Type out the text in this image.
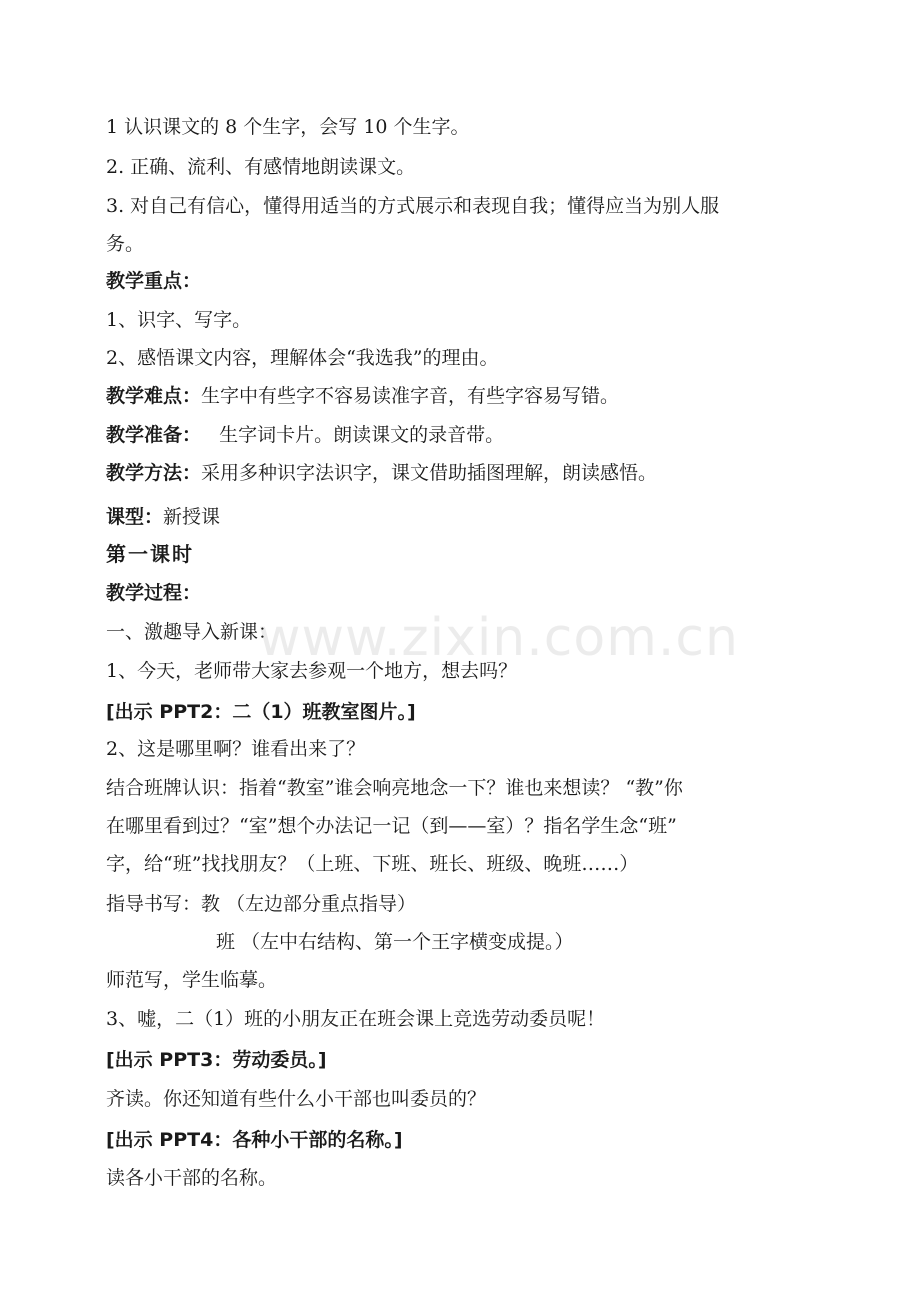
www.zixin.com.cn
1 认识课文的 8 个生字，会写 10 个生字。
2. 正确、流利、有感情地朗读课文。
3. 对自己有信心，懂得用适当的方式展示和表现自我；懂得应当为别人服
务。
教学重点：
1、识字、写字。
2、感悟课文内容，理解体会“我选我”的理由。
教学难点：生字中有些字不容易读准字音，有些字容易写错。
教学准备：   生字词卡片。朗读课文的录音带。
教学方法：采用多种识字法识字，课文借助插图理解，朗读感悟。
课型：新授课
第一课时
教学过程：
一、激趣导入新课：
1、今天，老师带大家去参观一个地方，想去吗？
[出示 PPT2：二（1）班教室图片。]
2、这是哪里啊？谁看出来了？
结合班牌认识：指着“教室”谁会响亮地念一下？谁也来想读？ “教”你
在哪里看到过？“室”想个办法记一记（到——室）？指名学生念“班”
字，给“班”找找朋友？（上班、下班、班长、班级、晚班……）
指导书写：教 （左边部分重点指导）
班 （左中右结构、第一个王字横变成提。）
师范写，学生临摹。
3、嘘，二（1）班的小朋友正在班会课上竞选劳动委员呢！
[出示 PPT3：劳动委员。]
齐读。你还知道有些什么小干部也叫委员的？
[出示 PPT4：各种小干部的名称。]
读各小干部的名称。
